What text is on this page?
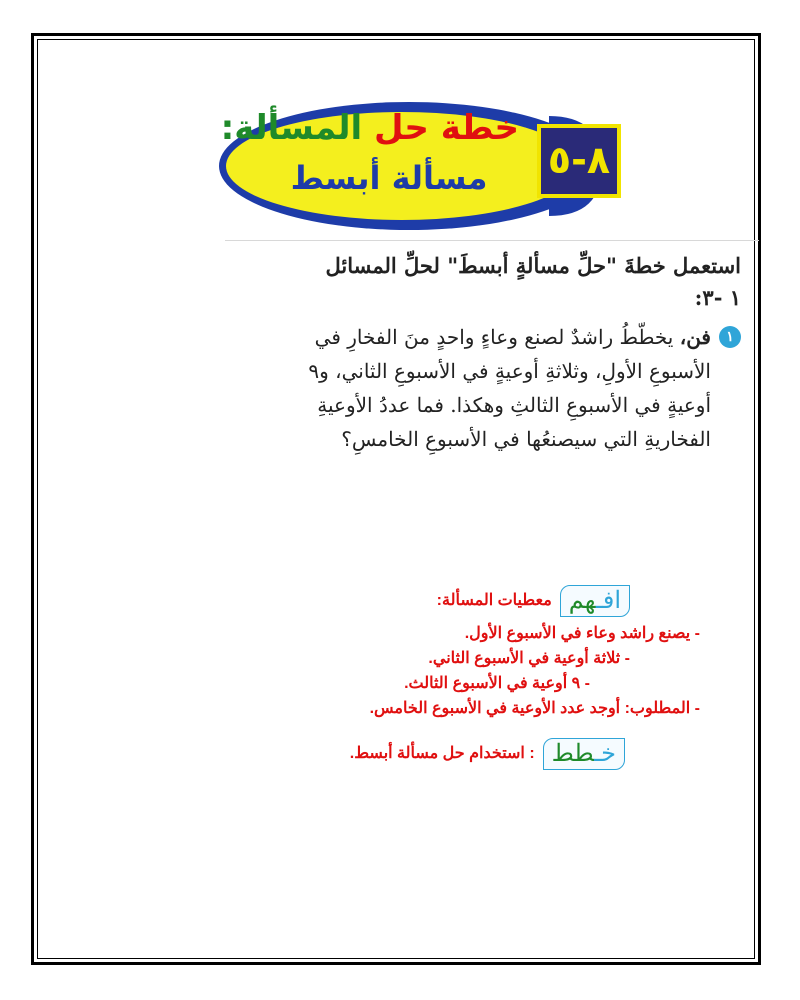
خطة حل المسألة:
مسألة أبسط	٨-٥
استعمل خطةَ "حلِّ مسألةٍ أبسطَ" لحلِّ المسائل ١ -٣:
١
فن، يخطّطُ راشدٌ لصنع وعاءٍ واحدٍ منَ الفخارِ في الأسبوعِ الأولِ، وثلاثةِ أوعيةٍ في الأسبوعِ الثاني، و٩ أوعيةٍ في الأسبوعِ الثالثِ وهكذا. فما عددُ الأوعيةِ الفخاريةِ التي سيصنعُها في الأسبوعِ الخامسِ؟
افـهممعطيات المسألة:
- يصنع راشد وعاء في الأسبوع الأول.
- ثلاثة أوعية في الأسبوع الثاني.
- ٩ أوعية في الأسبوع الثالث.
- المطلوب: أوجد عدد الأوعية في الأسبوع الخامس.
خـطط: استخدام حل مسألة أبسط.
